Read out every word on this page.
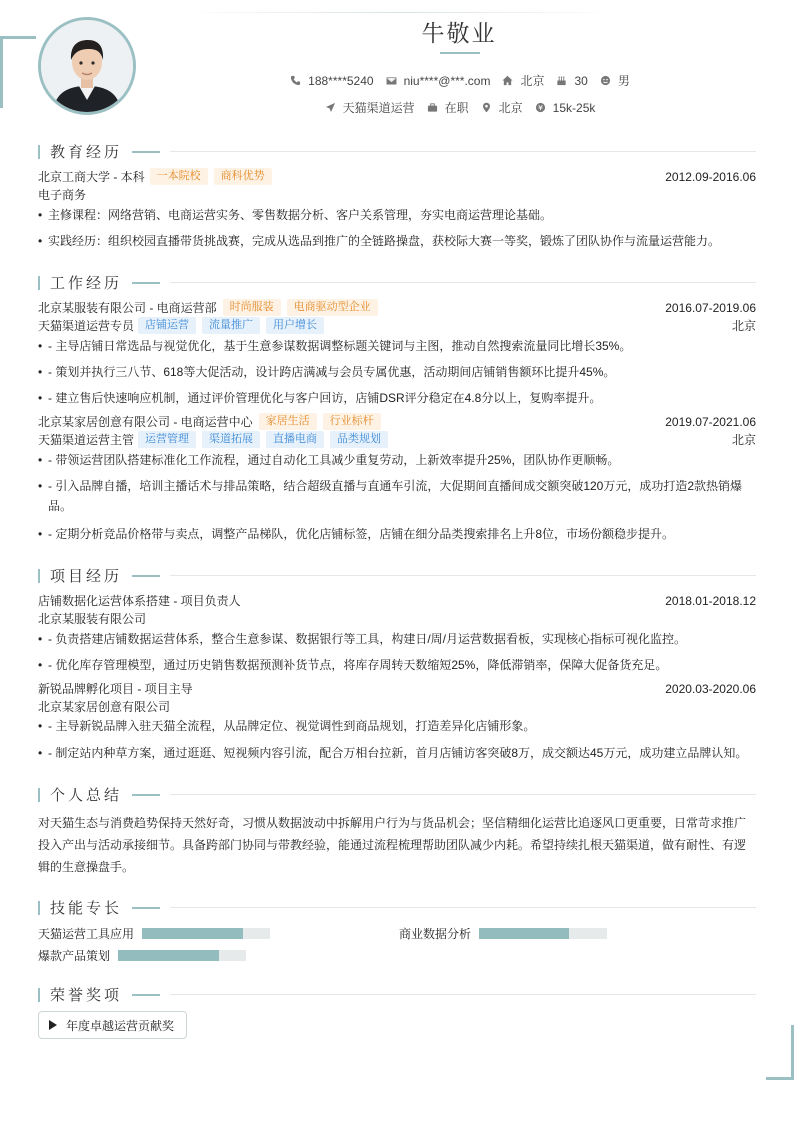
牛敬业
188****5240	niu****@***.com	北京	30	男
天猫渠道运营	在职	北京	15k-25k
教育经历
北京工商大学 - 本科	一本院校	商科优势	2012.09-2016.06
电子商务
• 主修课程：网络营销、电商运营实务、零售数据分析、客户关系管理，夯实电商运营理论基础。
• 实践经历：组织校园直播带货挑战赛，完成从选品到推广的全链路操盘，获校际大赛一等奖，锻炼了团队协作与流量运营能力。
工作经历
北京某服装有限公司 - 电商运营部	时尚服装	电商驱动型企业	2016.07-2019.06
天猫渠道运营专员	店铺运营	流量推广	用户增长	北京
• - 主导店铺日常选品与视觉优化，基于生意参谋数据调整标题关键词与主图，推动自然搜索流量同比增长35%。
• - 策划并执行三八节、618等大促活动，设计跨店满减与会员专属优惠，活动期间店铺销售额环比提升45%。
• - 建立售后快速响应机制，通过评价管理优化与客户回访，店铺DSR评分稳定在4.8分以上，复购率提升。
北京某家居创意有限公司 - 电商运营中心	家居生活	行业标杆	2019.07-2021.06
天猫渠道运营主管	运营管理	渠道拓展	直播电商	品类规划	北京
• - 带领运营团队搭建标准化工作流程，通过自动化工具减少重复劳动，上新效率提升25%，团队协作更顺畅。
• - 引入品牌自播，培训主播话术与排品策略，结合超级直播与直通车引流，大促期间直播间成交额突破120万元，成功打造2款热销爆品。
• - 定期分析竞品价格带与卖点，调整产品梯队，优化店铺标签，店铺在细分品类搜索排名上升8位，市场份额稳步提升。
项目经历
店铺数据化运营体系搭建 - 项目负责人	2018.01-2018.12
北京某服装有限公司
• - 负责搭建店铺数据运营体系，整合生意参谋、数据银行等工具，构建日/周/月运营数据看板，实现核心指标可视化监控。
• - 优化库存管理模型，通过历史销售数据预测补货节点，将库存周转天数缩短25%，降低滞销率，保障大促备货充足。
新锐品牌孵化项目 - 项目主导	2020.03-2020.06
北京某家居创意有限公司
• - 主导新锐品牌入驻天猫全流程，从品牌定位、视觉调性到商品规划，打造差异化店铺形象。
• - 制定站内种草方案，通过逛逛、短视频内容引流，配合万相台拉新，首月店铺访客突破8万，成交额达45万元，成功建立品牌认知。
个人总结
对天猫生态与消费趋势保持天然好奇，习惯从数据波动中拆解用户行为与货品机会；坚信精细化运营比追逐风口更重要，日常苛求推广投入产出与活动承接细节。具备跨部门协同与带教经验，能通过流程梳理帮助团队减少内耗。希望持续扎根天猫渠道，做有耐性、有逻辑的生意操盘手。
技能专长
天猫运营工具应用	商业数据分析
爆款产品策划
荣誉奖项
年度卓越运营贡献奖
